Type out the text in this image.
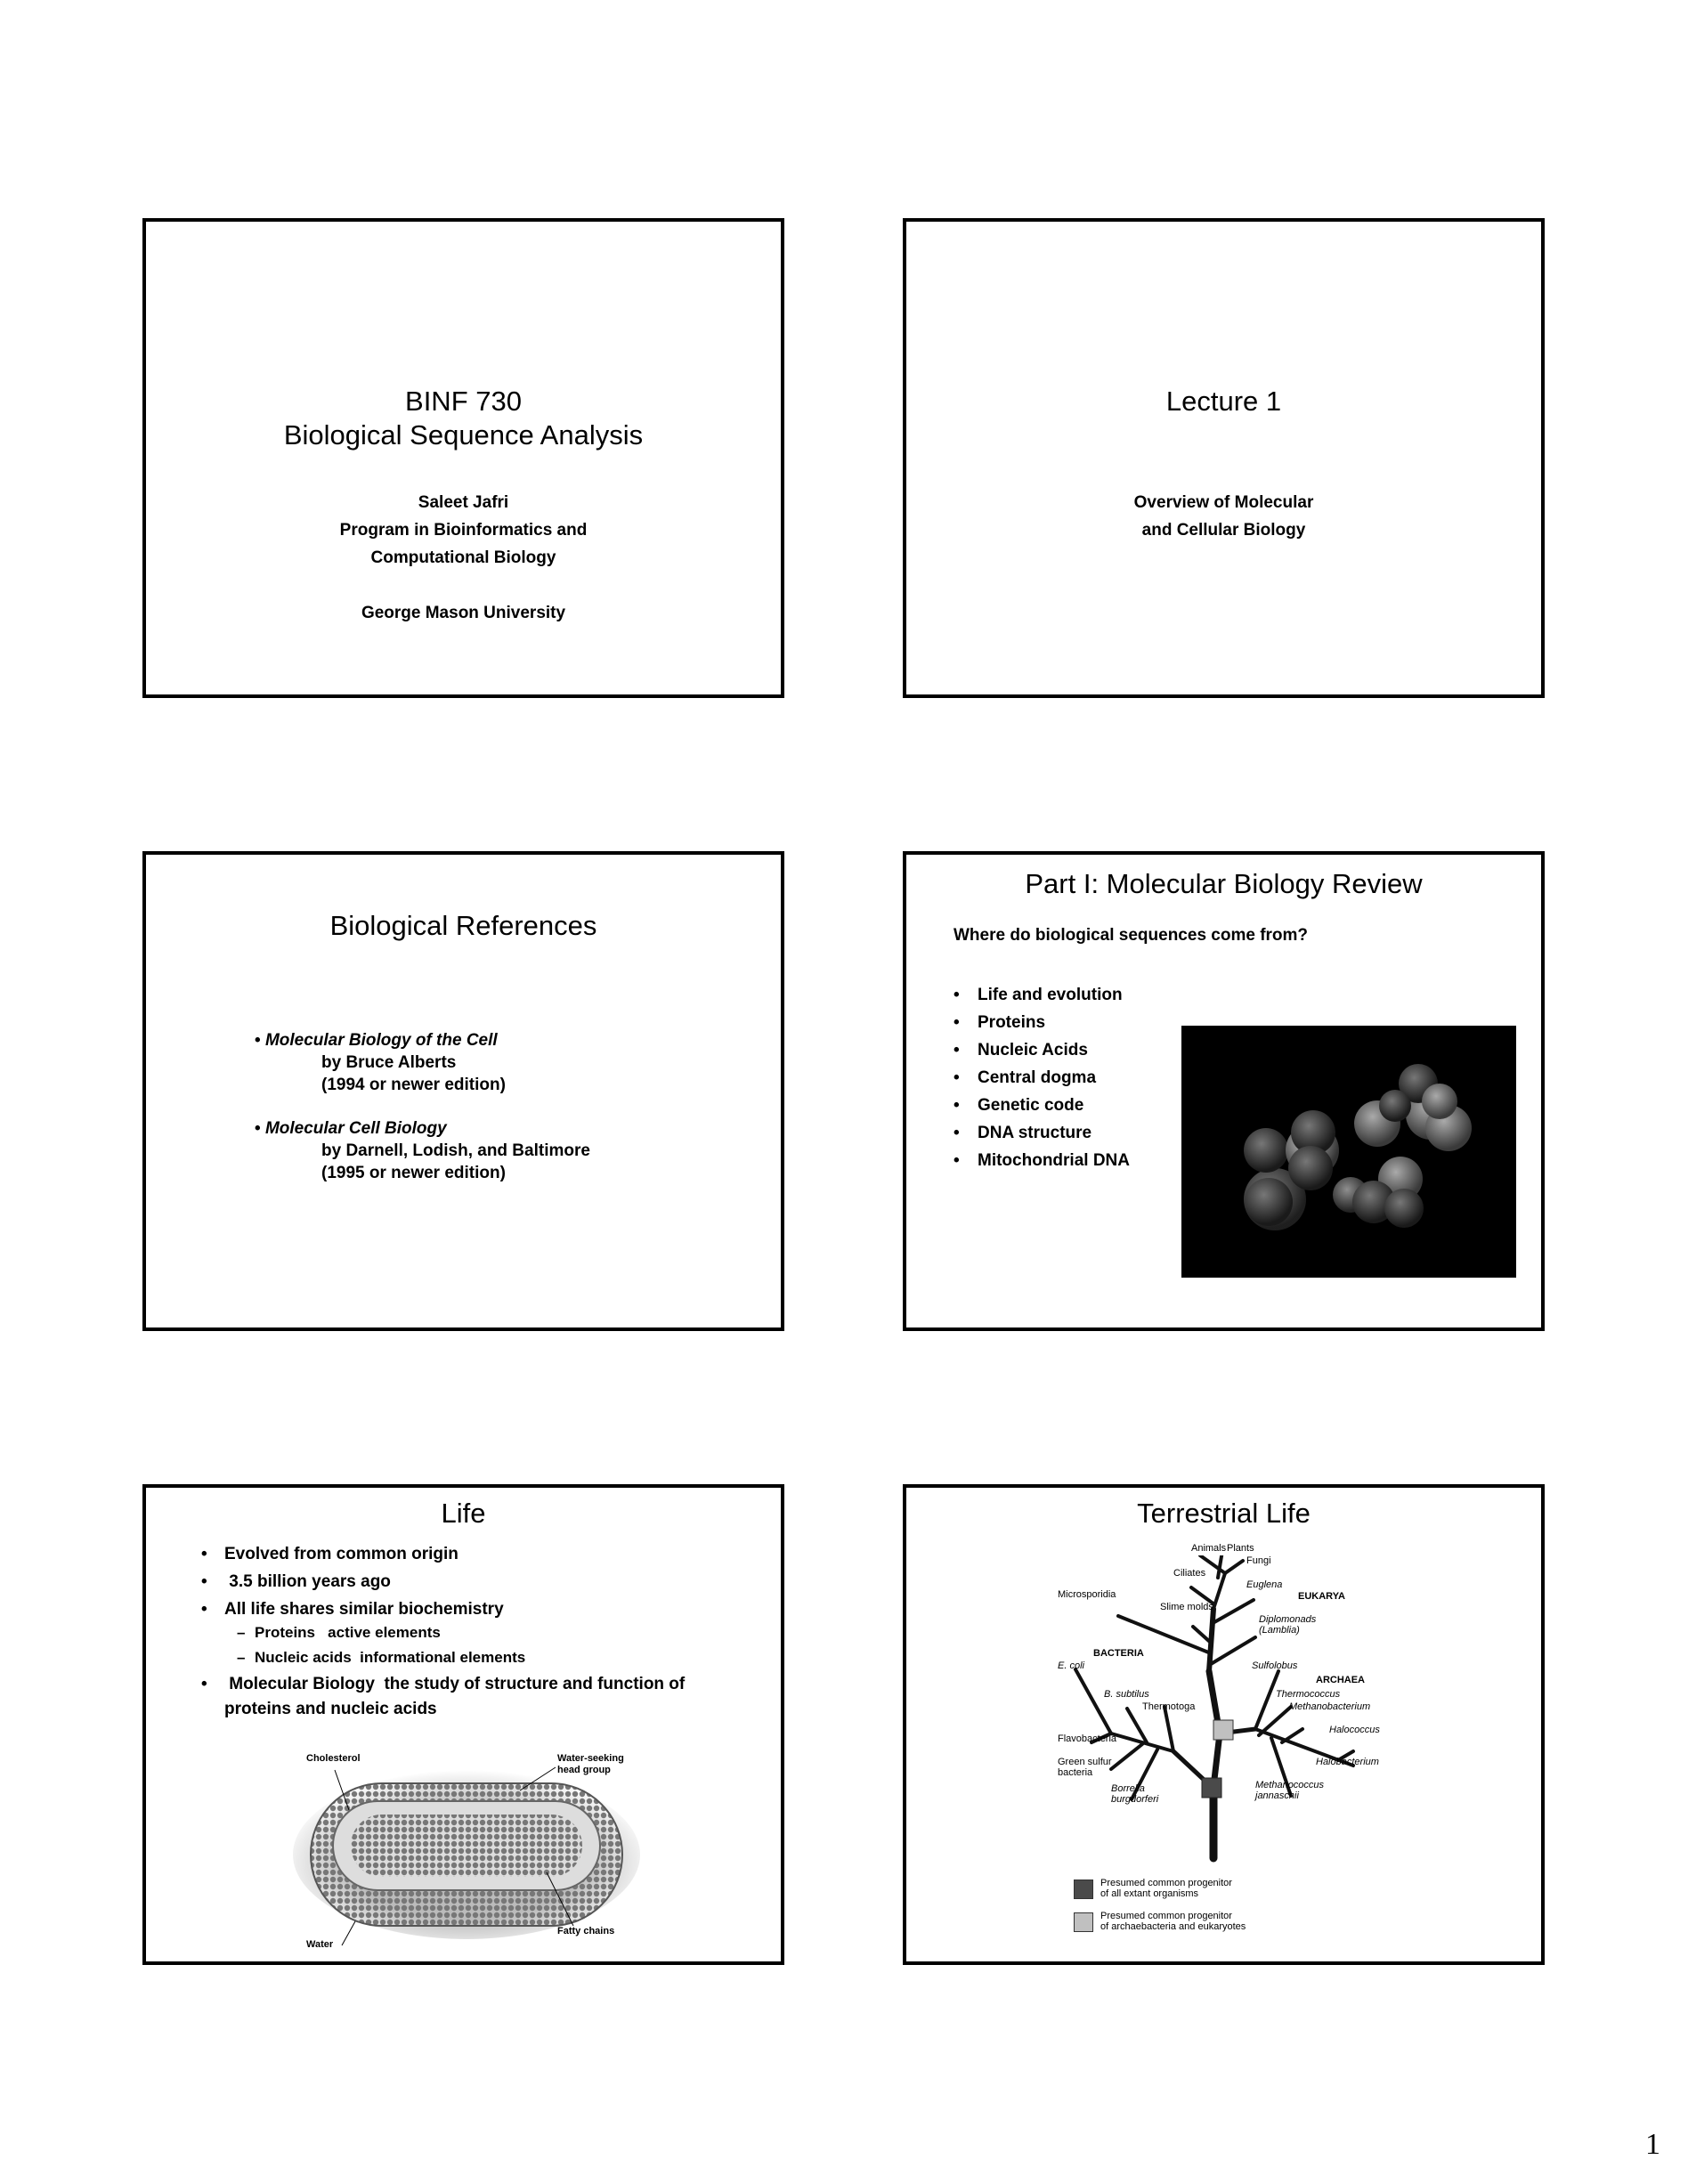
BINF 730
Biological Sequence Analysis
Saleet Jafri
Program in Bioinformatics and
Computational Biology
George Mason University
Lecture 1
Overview of Molecular
and Cellular Biology
Biological References
• Molecular Biology of the Cell
by Bruce Alberts
(1994 or newer edition)
• Molecular Cell Biology
by Darnell, Lodish, and Baltimore
(1995 or newer edition)
Part I: Molecular Biology Review
Where do biological sequences come from?
• Life and evolution
• Proteins
• Nucleic Acids
• Central dogma
• Genetic code
• DNA structure
• Mitochondrial DNA
Life
• Evolved from common origin
• 3.5 billion years ago
• All life shares similar biochemistry
– Proteins   active elements
– Nucleic acids  informational elements
• Molecular Biology  the study of structure and function of
proteins and nucleic acids
Cholesterol	Water-seeking
head group
Fatty chains
Water
Terrestrial Life
Animals Plants
Fungi
Ciliates
Euglena
EUKARYA
Microsporidia
Slime molds
Diplomonads
(Lamblia)
BACTERIA
E. coli	Sulfolobus
ARCHAEA
B. subtilus	Thermococcus
Thermotoga	Methanobacterium
Halococcus
Flavobacteria
Green sulfur
bacteria
Halobacterium
Borrelia
burgdorferi
Methanococcus
jannaschii
Presumed common progenitor
of all extant organisms
Presumed common progenitor
of archaebacteria and eukaryotes
1
